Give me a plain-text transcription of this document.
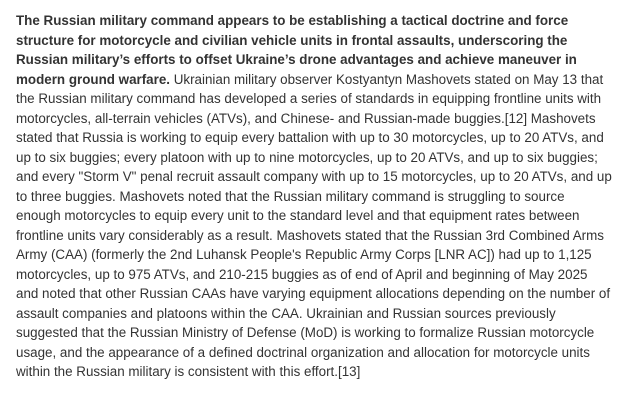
The Russian military command appears to be establishing a tactical doctrine and force structure for motorcycle and civilian vehicle units in frontal assaults, underscoring the Russian military’s efforts to offset Ukraine’s drone advantages and achieve maneuver in modern ground warfare. Ukrainian military observer Kostyantyn Mashovets stated on May 13 that the Russian military command has developed a series of standards in equipping frontline units with motorcycles, all-terrain vehicles (ATVs), and Chinese- and Russian-made buggies.[12] Mashovets stated that Russia is working to equip every battalion with up to 30 motorcycles, up to 20 ATVs, and up to six buggies; every platoon with up to nine motorcycles, up to 20 ATVs, and up to six buggies; and every "Storm V" penal recruit assault company with up to 15 motorcycles, up to 20 ATVs, and up to three buggies. Mashovets noted that the Russian military command is struggling to source enough motorcycles to equip every unit to the standard level and that equipment rates between frontline units vary considerably as a result. Mashovets stated that the Russian 3rd Combined Arms Army (CAA) (formerly the 2nd Luhansk People's Republic Army Corps [LNR AC]) had up to 1,125 motorcycles, up to 975 ATVs, and 210-215 buggies as of end of April and beginning of May 2025 and noted that other Russian CAAs have varying equipment allocations depending on the number of assault companies and platoons within the CAA. Ukrainian and Russian sources previously suggested that the Russian Ministry of Defense (MoD) is working to formalize Russian motorcycle usage, and the appearance of a defined doctrinal organization and allocation for motorcycle units within the Russian military is consistent with this effort.[13]
